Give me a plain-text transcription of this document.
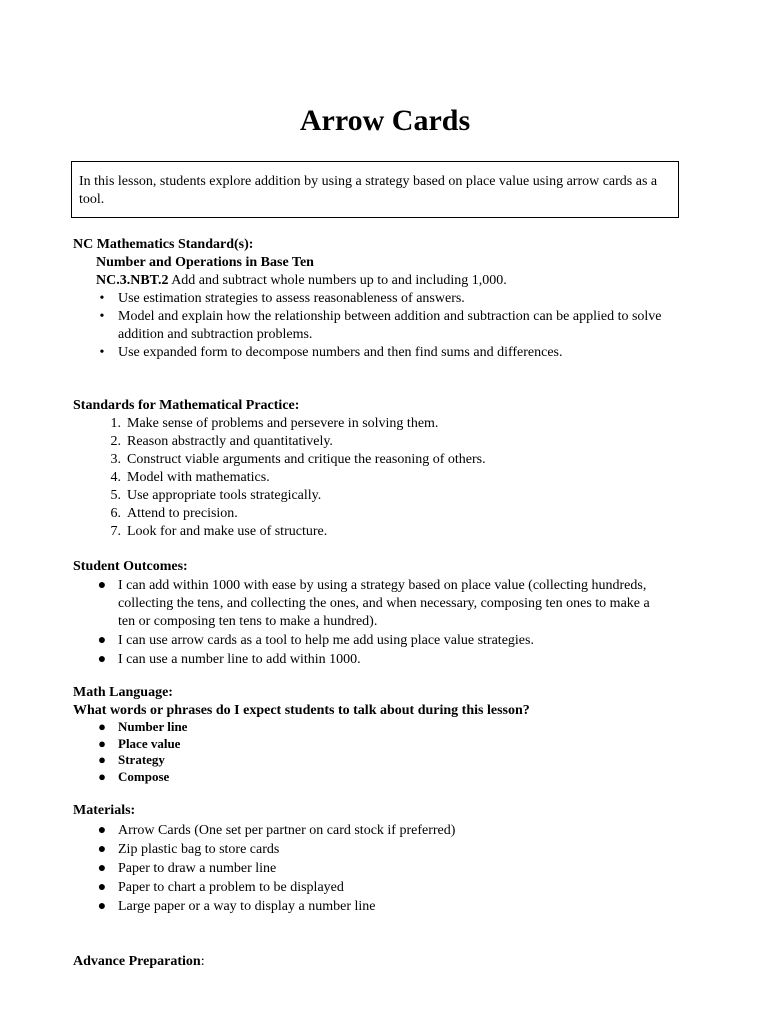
Arrow Cards
In this lesson, students explore addition by using a strategy based on place value using arrow cards as a tool.
NC Mathematics Standard(s):
Number and Operations in Base Ten
NC.3.NBT.2 Add and subtract whole numbers up to and including 1,000.
• Use estimation strategies to assess reasonableness of answers.
• Model and explain how the relationship between addition and subtraction can be applied to solve addition and subtraction problems.
• Use expanded form to decompose numbers and then find sums and differences.
Standards for Mathematical Practice:
1. Make sense of problems and persevere in solving them.
2. Reason abstractly and quantitatively.
3. Construct viable arguments and critique the reasoning of others.
4. Model with mathematics.
5. Use appropriate tools strategically.
6. Attend to precision.
7. Look for and make use of structure.
Student Outcomes:
● I can add within 1000 with ease by using a strategy based on place value (collecting hundreds, collecting the tens, and collecting the ones, and when necessary, composing ten ones to make a ten or composing ten tens to make a hundred).
● I can use arrow cards as a tool to help me add using place value strategies.
● I can use a number line to add within 1000.
Math Language:
What words or phrases do I expect students to talk about during this lesson?
● Number line
● Place value
● Strategy
● Compose
Materials:
● Arrow Cards (One set per partner on card stock if preferred)
● Zip plastic bag to store cards
● Paper to draw a number line
● Paper to chart a problem to be displayed
● Large paper or a way to display a number line
Advance Preparation:
